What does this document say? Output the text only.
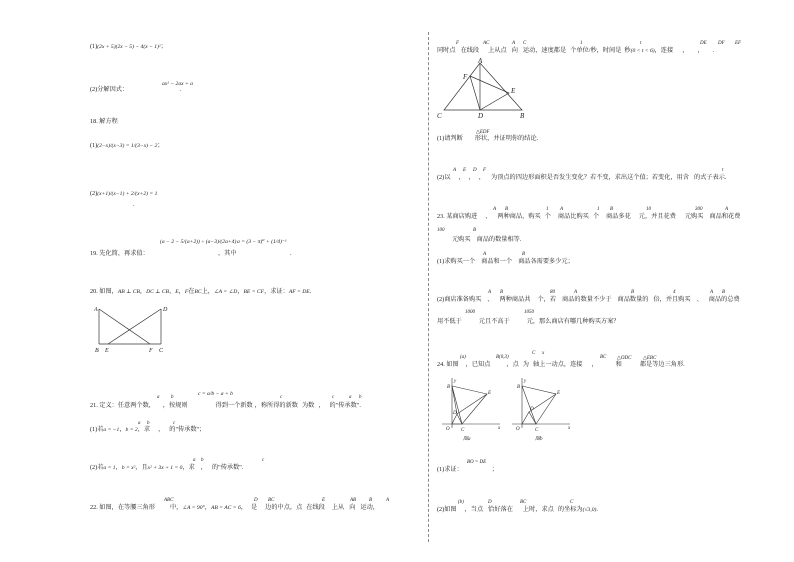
(1)(2x + 5)(2x − 5) − 4(x − 1)²；
ax² − 2ax + a
(2)分解因式：	.
18. 解方程
(1)(2−x)/(x−3) = 1/(3−x) − 2；
(2)(x+1)/(x−1) + 2/(x+2) = 1
.
(a − 2 − 5/(a+2)) ÷ (a−3)/(2a+4) a = (3 − π)⁰ + (1/4)⁻¹
19. 先化简，再求值：	，其中	.
20. 如图，AB ⊥ CB，DC ⊥ CB，E，F在BC上，∠A = ∠D，BE = CF，求证：AF = DE.
A	D
B E	F C
c = a/b − a + b
a b	c	c	a b
21. 定义：任意两个数， ，按规则	得到一个新数 ，称所得的新数 为数 ， 的"传承数".
c
a b
(1)若a = −1，b = 2，求 ， 的"传承数"；
a b	c
(2)若a = 1，b = x²，且x² + 3x + 1 = 0，求 ， 的"传承数".
ABC	D BC	E	AB	B	A
22. 如图，在等腰三角形 中，∠A = 90°，AB = AC = 6， 是 边的中点，点 在线段 上从 向 运动，
F	AC	A C	1	t	DE DF EF
同时点 在线段 上从点 向 运动，速度都是 个单位/秒，时间是 秒(0 < t < 6)，连接 ， ， .
A
F
E
C	D	B
△EDF
(1)请判断 形状，并证明你的结论.
A E D F	t
(2)以 ， ， ， 为顶点的四边形面积是否发生变化？若不变，求出这个值；若变化，用含 的式子表示.
A B	1 A	1 B	10	300	A
23. 某商店购进 、 两种商品，购买 个 商品比购买 个 商品多花 元，并且花费 元购买 商品和花费
100	B
元购买 商品的数量相等.
A	B
(1)求购买一个 商品和一个 商品各需要多少元；
A B	80	A	B	4	A B
(2)商店准备购买 、 两种商品共 个，若 商品的数量不少于 商品数量的 倍，并且购买 、 商品的总费
1000	1050
用不低于	元且不高于	元，那么商店有哪几种购买方案？
(a)	B(0,3)
C x
BC △ODC △EBC
24. 如图 ，已知点	，点 为 轴上一动点，连接 ，	和	都是等边三角形.
y
B
E
D
O C	x
图a
y
B
E
D
O	C	x
图b
BO = DE
(1)求证：	；
(b)	D	BC	C
(2)如图 ，当点 恰好落在 上时，求点 的坐标为(√3,0).
